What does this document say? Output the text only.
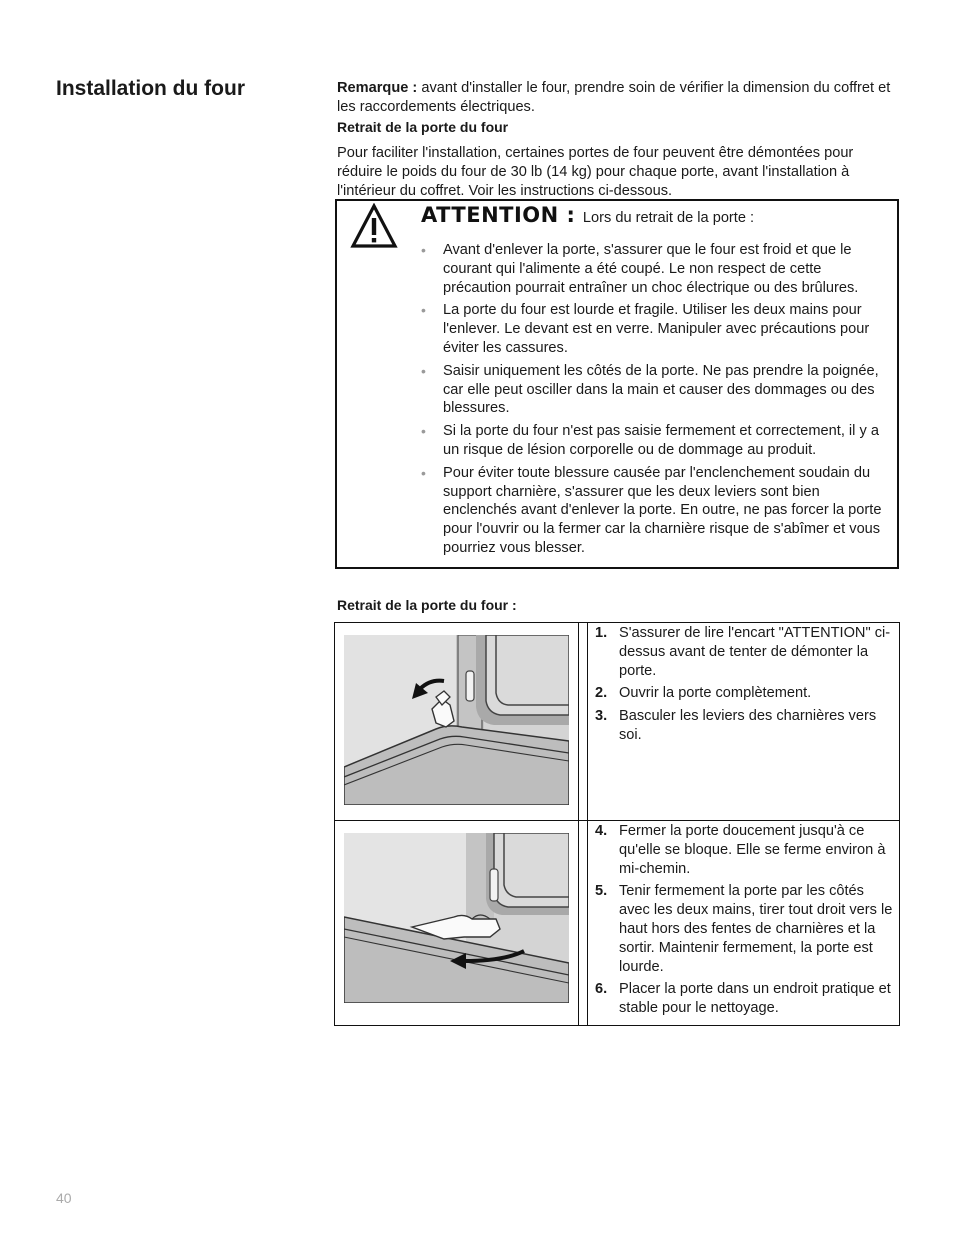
Installation du four	Remarque : avant d'installer le four, prendre soin de vérifier la dimension du coffret et les raccordements électriques.

Retrait de la porte du four

Pour faciliter l'installation, certaines portes de four peuvent être démontées pour réduire le poids du four de 30 lb (14 kg) pour chaque porte, avant l'installation à l'intérieur du coffret. Voir les instructions ci-dessous.

ATTENTION : Lors du retrait de la porte :
• Avant d'enlever la porte, s'assurer que le four est froid et que le courant qui l'alimente a été coupé. Le non respect de cette précaution pourrait entraîner un choc électrique ou des brûlures.
• La porte du four est lourde et fragile. Utiliser les deux mains pour l'enlever. Le devant est en verre. Manipuler avec précautions pour éviter les cassures.
• Saisir uniquement les côtés de la porte. Ne pas prendre la poignée, car elle peut osciller dans la main et causer des dommages ou des blessures.
• Si la porte du four n'est pas saisie fermement et correctement, il y a un risque de lésion corporelle ou de dommage au produit.
• Pour éviter toute blessure causée par l'enclenchement soudain du support charnière, s'assurer que les deux leviers sont bien enclenchés avant d'enlever la porte. En outre, ne pas forcer la porte pour l'ouvrir ou la fermer car la charnière risque de s'abîmer et vous pourriez vous blesser.
Retrait de la porte du four :
1. S'assurer de lire l'encart "ATTENTION" ci-dessus avant de tenter de démonter la porte.
2. Ouvrir la porte complètement.
3. Basculer les leviers des charnières vers soi.
4. Fermer la porte doucement jusqu'à ce qu'elle se bloque. Elle se ferme environ à mi-chemin.
5. Tenir fermement la porte par les côtés avec les deux mains, tirer tout droit vers le haut hors des fentes de charnières et la sortir. Maintenir fermement, la porte est lourde.
6. Placer la porte dans un endroit pratique et stable pour le nettoyage.
40
